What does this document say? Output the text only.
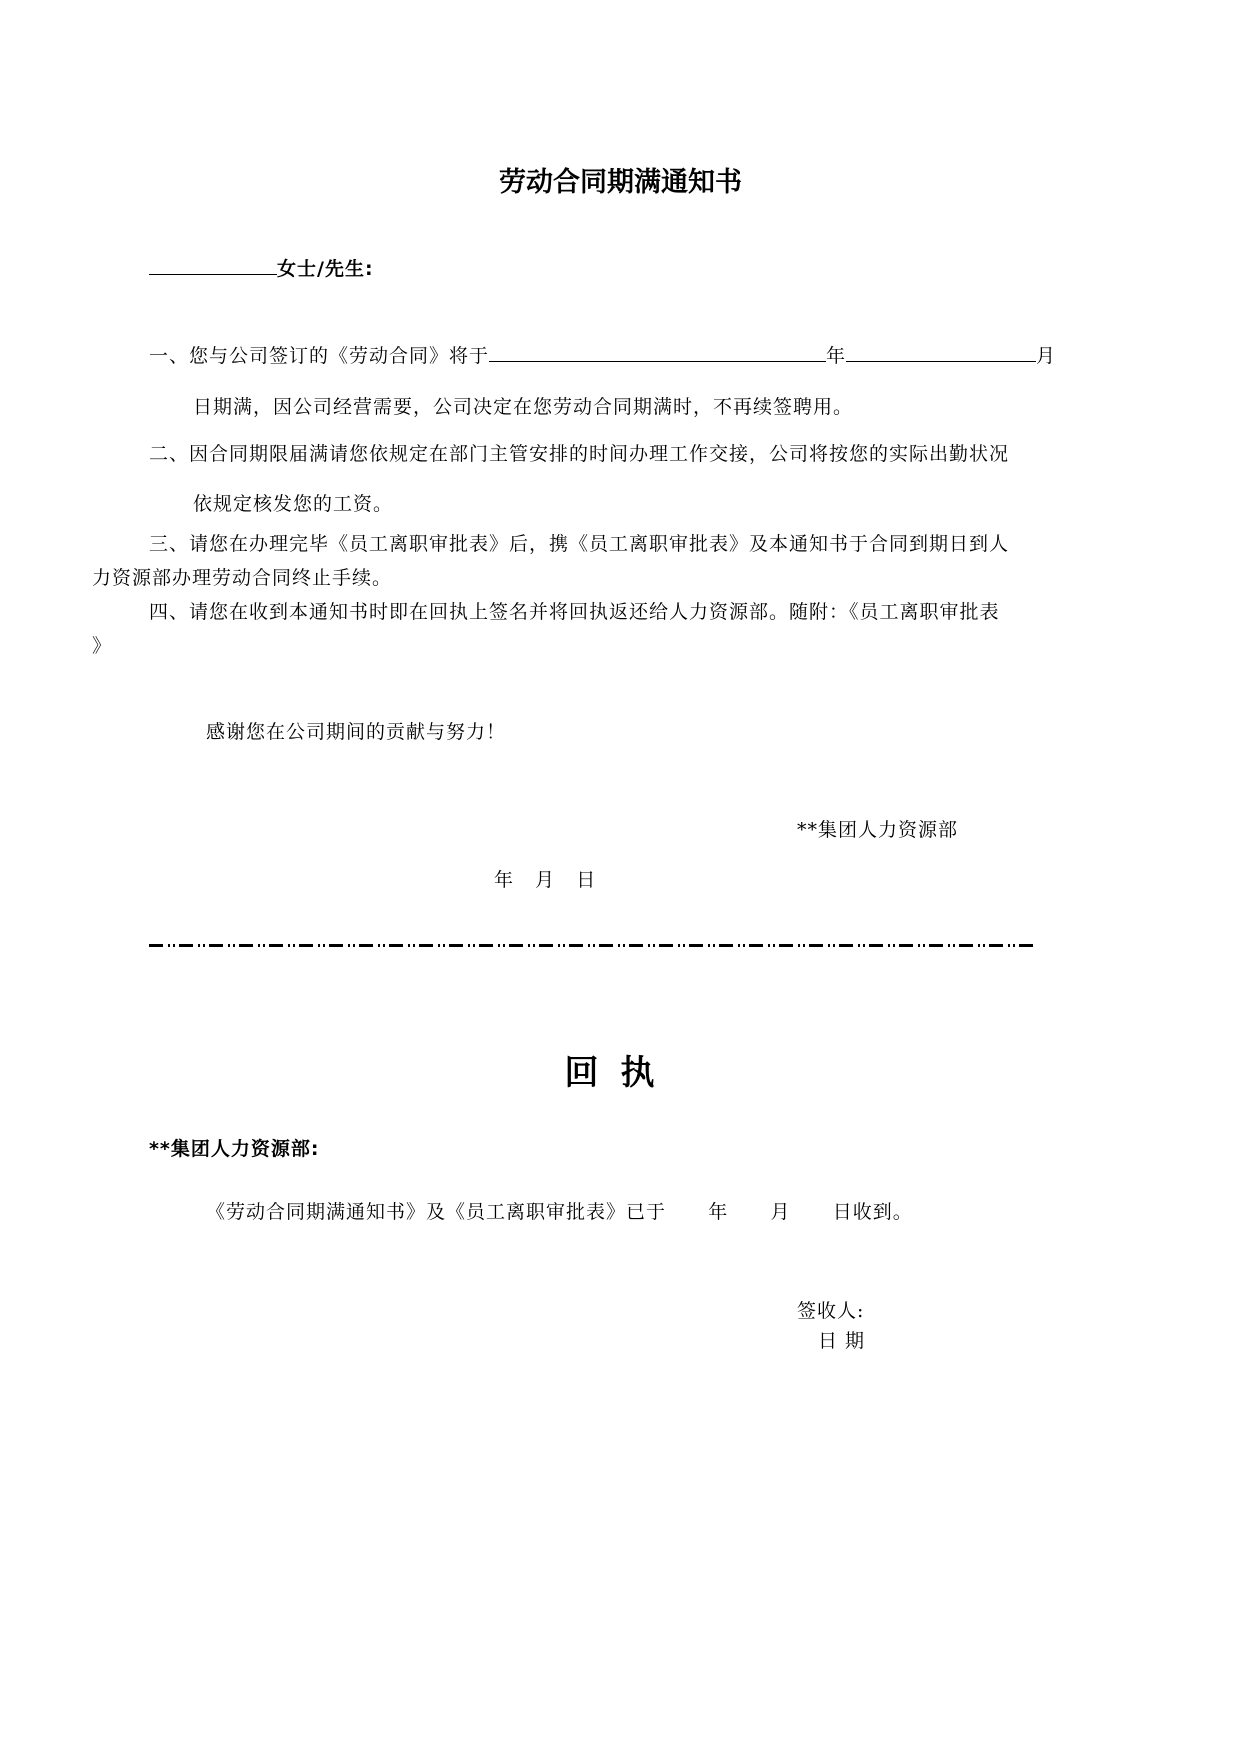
劳动合同期满通知书
女士/先生:
一、您与公司签订的《劳动合同》将于	年	月
日期满，因公司经营需要，公司决定在您劳动合同期满时，不再续签聘用。
二、因合同期限届满请您依规定在部门主管安排的时间办理工作交接，公司将按您的实际出勤状况
依规定核发您的工资。
三、请您在办理完毕《员工离职审批表》后，携《员工离职审批表》及本通知书于合同到期日到人
力资源部办理劳动合同终止手续。
四、请您在收到本通知书时即在回执上签名并将回执返还给人力资源部。随附：《员工离职审批表
》
感谢您在公司期间的贡献与努力！
**集团人力资源部
年   月   日
回执
**集团人力资源部:
《劳动合同期满通知书》及《员工离职审批表》已于      年      月      日收到。
签收人:
日 期
